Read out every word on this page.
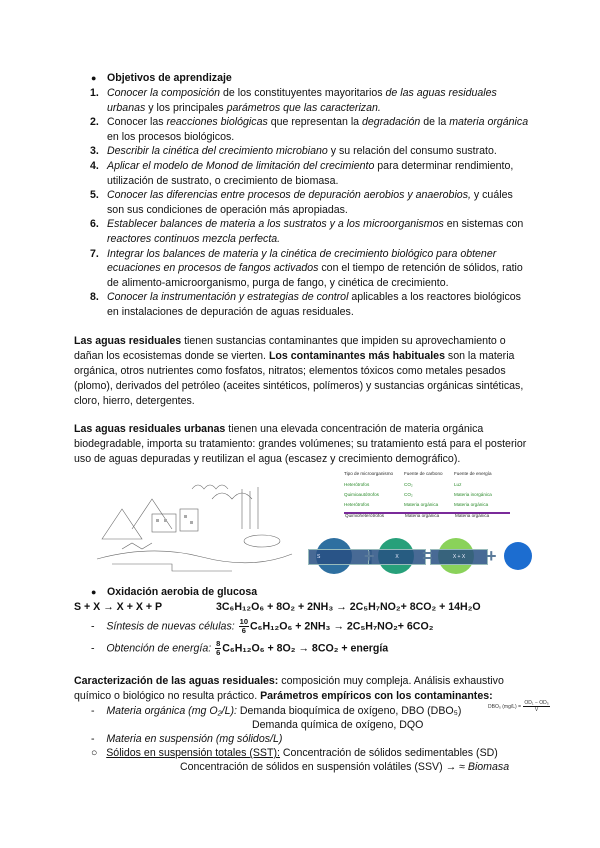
● Objetivos de aprendizaje
1. Conocer la composición de los constituyentes mayoritarios de las aguas residuales urbanas y los principales parámetros que las caracterizan.
2. Conocer las reacciones biológicas que representan la degradación de la materia orgánica en los procesos biológicos.
3. Describir la cinética del crecimiento microbiano y su relación del consumo sustrato.
4. Aplicar el modelo de Monod de limitación del crecimiento para determinar rendimiento, utilización de sustrato, o crecimiento de biomasa.
5. Conocer las diferencias entre procesos de depuración aerobios y anaerobios, y cuáles son sus condiciones de operación más apropiadas.
6. Establecer balances de materia a los sustratos y a los microorganismos en sistemas con reactores continuos mezcla perfecta.
7. Integrar los balances de materia y la cinética de crecimiento biológico para obtener ecuaciones en procesos de fangos activados con el tiempo de retención de sólidos, ratio de alimento-amicroorganismo, purga de fango, y cinética de crecimiento.
8. Conocer la instrumentación y estrategias de control aplicables a los reactores biológicos en instalaciones de depuración de aguas residuales.
Las aguas residuales tienen sustancias contaminantes que impiden su aprovechamiento o dañan los ecosistemas donde se vierten. Los contaminantes más habituales son la materia orgánica, otros nutrientes como fosfatos, nitratos; elementos tóxicos como metales pesados (plomo), derivados del petróleo (aceites sintéticos, polímeros) y sustancias orgánicas sintéticas, cloro, hierro, detergentes.
Las aguas residuales urbanas tienen una elevada concentración de materia orgánica biodegradable, importa su tratamiento: grandes volúmenes; su tratamiento está para el posterior uso de aguas depuradas y reutilizan el agua (escasez y crecimiento demográfico).
Tipo de microorganismo Fuente de carbono Fuente de energía
Heterótrofos	CO₂	Luz
Quimioautótrofos	CO₂	Materia inorgánica
Heterótrofos	Materia orgánica	Materia orgánica
Quimioheterótrofos	Materia orgánica	Materia orgánica
S	X	X + X
+	=	+
● Oxidación aerobia de glucosa
S + X → X + X + P	3C₆H₁₂O₆ + 8O₂ + 2NH₃ → 2C₅H₇NO₂+ 8CO₂ + 14H₂O
-    Síntesis de nuevas células: $\frac{10}{6} C_6H_{12}O_6 + 2NH_3 \to 2C_5H_7NO_2+ 6CO_2$
-    Obtención de energía: $\frac{8}{6} C_6H_{12}O_6 + 8O_2 \to 8CO_2$ + energía
Caracterización de las aguas residuales: composición muy compleja. Análisis exhaustivo químico o biológico no resulta práctico. Parámetros empíricos con los contaminantes:
-    Materia orgánica (mg O₂/L): Demanda bioquímica de oxígeno, DBO (DBO₅)
Demanda química de oxígeno, DQO
DBO₅ $(mg/L) = \frac{\text{OD₁ − OD₅}}{V}$
-    Materia en suspensión (mg sólidos/L)
○   Sólidos en suspensión totales (SST): Concentración de sólidos sedimentables (SD)
Concentración de sólidos en suspensión volátiles (SSV) → ≈ Biomasa
